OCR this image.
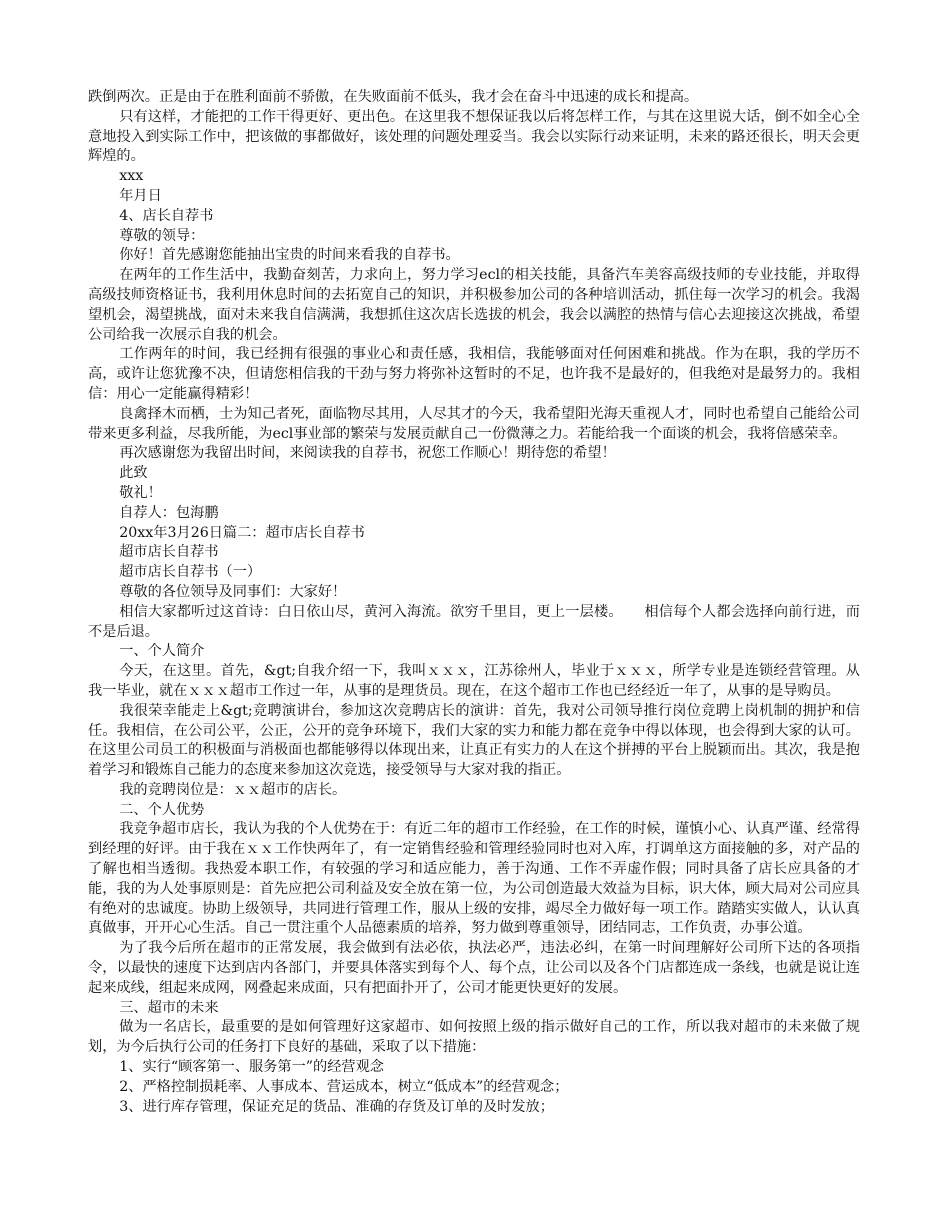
跌倒两次。正是由于在胜利面前不骄傲，在失败面前不低头，我才会在奋斗中迅速的成长和提高。

只有这样，才能把的工作干得更好、更出色。在这里我不想保证我以后将怎样工作，与其在这里说大话，倒不如全心全意地投入到实际工作中，把该做的事都做好，该处理的问题处理妥当。我会以实际行动来证明，未来的路还很长，明天会更辉煌的。

xxx

年月日

4、店长自荐书

尊敬的领导：

你好！首先感谢您能抽出宝贵的时间来看我的自荐书。

在两年的工作生活中，我勤奋刻苦，力求向上，努力学习ecl的相关技能，具备汽车美容高级技师的专业技能，并取得高级技师资格证书，我利用休息时间的去拓宽自己的知识，并积极参加公司的各种培训活动，抓住每一次学习的机会。我渴望机会，渴望挑战，面对未来我自信满满，我想抓住这次店长选拔的机会，我会以满腔的热情与信心去迎接这次挑战，希望公司给我一次展示自我的机会。

工作两年的时间，我已经拥有很强的事业心和责任感，我相信，我能够面对任何困难和挑战。作为在职，我的学历不高，或许让您犹豫不决，但请您相信我的干劲与努力将弥补这暂时的不足，也许我不是最好的，但我绝对是最努力的。我相信：用心一定能赢得精彩！

良禽择木而栖，士为知己者死，面临物尽其用，人尽其才的今天，我希望阳光海天重视人才，同时也希望自己能给公司带来更多利益，尽我所能，为ecl事业部的繁荣与发展贡献自己一份微薄之力。若能给我一个面谈的机会，我将倍感荣幸。

再次感谢您为我留出时间，来阅读我的自荐书，祝您工作顺心！期待您的希望！

此致

敬礼！

自荐人：包海鹏

20xx年3月26日篇二：超市店长自荐书

超市店长自荐书

超市店长自荐书（一）

尊敬的各位领导及同事们：大家好！

相信大家都听过这首诗：白日依山尽，黄河入海流。欲穷千里目，更上一层楼。　　相信每个人都会选择向前行进，而不是后退。

一、个人简介

今天，在这里。首先，&gt;自我介绍一下，我叫ｘｘｘ，江苏徐州人，毕业于ｘｘｘ，所学专业是连锁经营管理。从我一毕业，就在ｘｘｘ超市工作过一年，从事的是理货员。现在，在这个超市工作也已经经近一年了，从事的是导购员。

我很荣幸能走上&gt;竞聘演讲台，参加这次竞聘店长的演讲：首先，我对公司领导推行岗位竞聘上岗机制的拥护和信任。我相信，在公司公平，公正，公开的竞争环境下，我们大家的实力和能力都在竞争中得以体现，也会得到大家的认可。在这里公司员工的积极面与消极面也都能够得以体现出来，让真正有实力的人在这个拼搏的平台上脱颖而出。其次，我是抱着学习和锻炼自己能力的态度来参加这次竞选，接受领导与大家对我的指正。

我的竞聘岗位是：ｘｘ超市的店长。

二、个人优势

我竞争超市店长，我认为我的个人优势在于：有近二年的超市工作经验，在工作的时候，谨慎小心、认真严谨、经常得到经理的好评。由于我在ｘｘ工作快两年了，有一定销售经验和管理经验同时也对入库，打调单这方面接触的多，对产品的了解也相当透彻。我热爱本职工作，有较强的学习和适应能力，善于沟通、工作不弄虚作假；同时具备了店长应具备的才能，我的为人处事原则是：首先应把公司利益及安全放在第一位，为公司创造最大效益为目标，识大体，顾大局对公司应具有绝对的忠诚度。协助上级领导，共同进行管理工作，服从上级的安排，竭尽全力做好每一项工作。踏踏实实做人，认认真真做事，开开心心生活。自己一贯注重个人品德素质的培养，努力做到尊重领导，团结同志，工作负责，办事公道。

为了我今后所在超市的正常发展，我会做到有法必依，执法必严，违法必纠，在第一时间理解好公司所下达的各项指令，以最快的速度下达到店内各部门，并要具体落实到每个人、每个点，让公司以及各个门店都连成一条线，也就是说让连起来成线，组起来成网，网叠起来成面，只有把面扑开了，公司才能更快更好的发展。

三、超市的未来

做为一名店长，最重要的是如何管理好这家超市、如何按照上级的指示做好自己的工作，所以我对超市的未来做了规划，为今后执行公司的任务打下良好的基础，采取了以下措施：

1、实行“顾客第一、服务第一”的经营观念

2、严格控制损耗率、人事成本、营运成本，树立“低成本”的经营观念；

3、进行库存管理，保证充足的货品、准确的存货及订单的及时发放；
